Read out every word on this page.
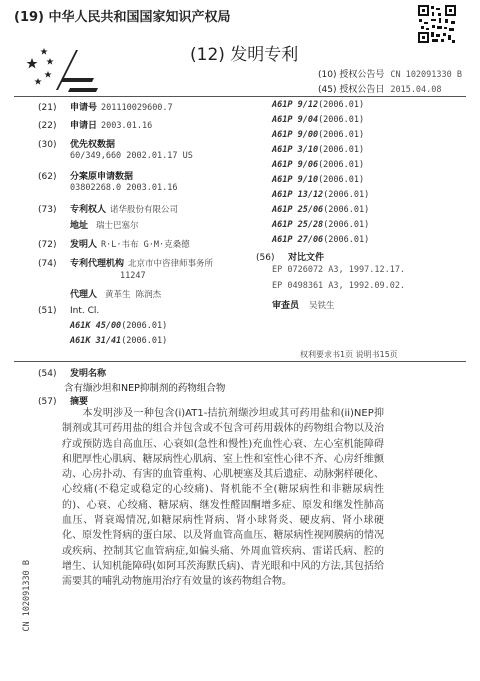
(19) 中华人民共和国国家知识产权局
(12) 发明专利
(10) 授权公告号 CN 102091330 B
(45) 授权公告日 2015.04.08
(21) 申请号 201110029600.7
(22) 申请日 2003.01.16
(30) 优先权数据
60/349,660 2002.01.17 US
(62) 分案原申请数据
03802268.0 2003.01.16
(73) 专利权人 诺华股份有限公司
地址 瑞士巴塞尔
(72) 发明人 R·L·韦布 G·M·克桑德
(74) 专利代理机构 北京市中咨律师事务所
11247
代理人 黄革生 陈润杰
(51) Int. Cl.
A61K 45/00(2006.01)
A61K 31/41(2006.01)
A61P 9/12(2006.01)
A61P 9/04(2006.01)
A61P 9/00(2006.01)
A61P 3/10(2006.01)
A61P 9/06(2006.01)
A61P 9/10(2006.01)
A61P 13/12(2006.01)
A61P 25/06(2006.01)
A61P 25/28(2006.01)
A61P 27/06(2006.01)
(56) 对比文件
EP 0726072 A3, 1997.12.17.
EP 0498361 A3, 1992.09.02.
审查员 吴铁生
权利要求书1页 说明书15页
(54) 发明名称
含有缬沙坦和NEP抑制剂的药物组合物
(57) 摘要

　　本发明涉及一种包含(i)AT1-拮抗剂缬沙坦或其可药用盐和(ii)NEP抑制剂或其可药用盐的组合并包含或不包含可药用载体的药物组合物以及治疗或预防选自高血压、心衰如(急性和慢性)充血性心衰、左心室机能障碍和肥厚性心肌病、糖尿病性心肌病、室上性和室性心律不齐、心房纤维颤动、心房扑动、有害的血管重构、心肌梗塞及其后遗症、动脉粥样硬化、心绞痛(不稳定或稳定的心绞痛)、肾机能不全(糖尿病性和非糖尿病性的)、心衰、心绞痛、糖尿病、继发性醛固酮增多症、原发和继发性肺高血压、肾衰竭情况,如糖尿病性肾病、肾小球肾炎、硬皮病、肾小球硬化、原发性肾病的蛋白尿、以及肾血管高血压、糖尿病性视网膜病的情况或疾病、控制其它血管病症,如偏头痛、外周血管疾病、雷诺氏病、腔的增生、认知机能障碍(如阿耳茨海默氏病)、青光眼和中风的方法,其包括给需要其的哺乳动物施用治疗有效量的该药物组合物。

CN 102091330 B
